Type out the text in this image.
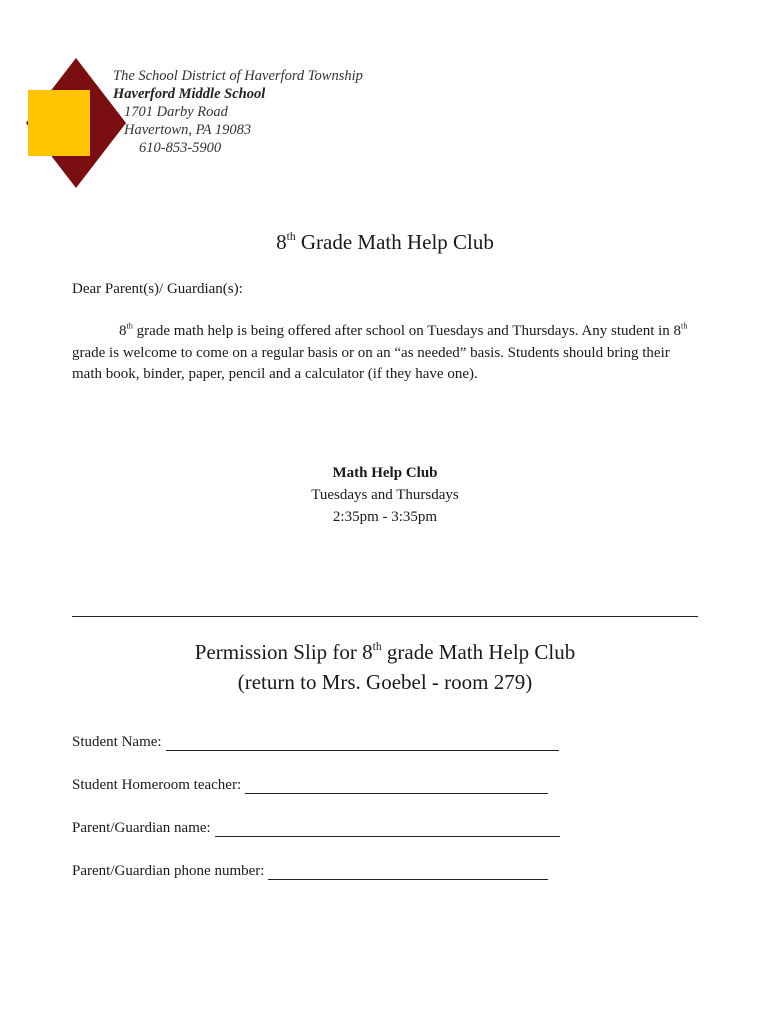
The School District of Haverford Township
Haverford Middle School
1701 Darby Road
Havertown, PA 19083
610-853-5900
8th Grade Math Help Club
Dear Parent(s)/ Guardian(s):
8th grade math help is being offered after school on Tuesdays and Thursdays. Any student in 8th grade is welcome to come on a regular basis or on an “as needed” basis. Students should bring their math book, binder, paper, pencil and a calculator (if they have one).
Math Help Club
Tuesdays and Thursdays
2:35pm - 3:35pm
Permission Slip for 8th grade Math Help Club
(return to Mrs. Goebel - room 279)
Student Name:
Student Homeroom teacher:
Parent/Guardian name:
Parent/Guardian phone number:
